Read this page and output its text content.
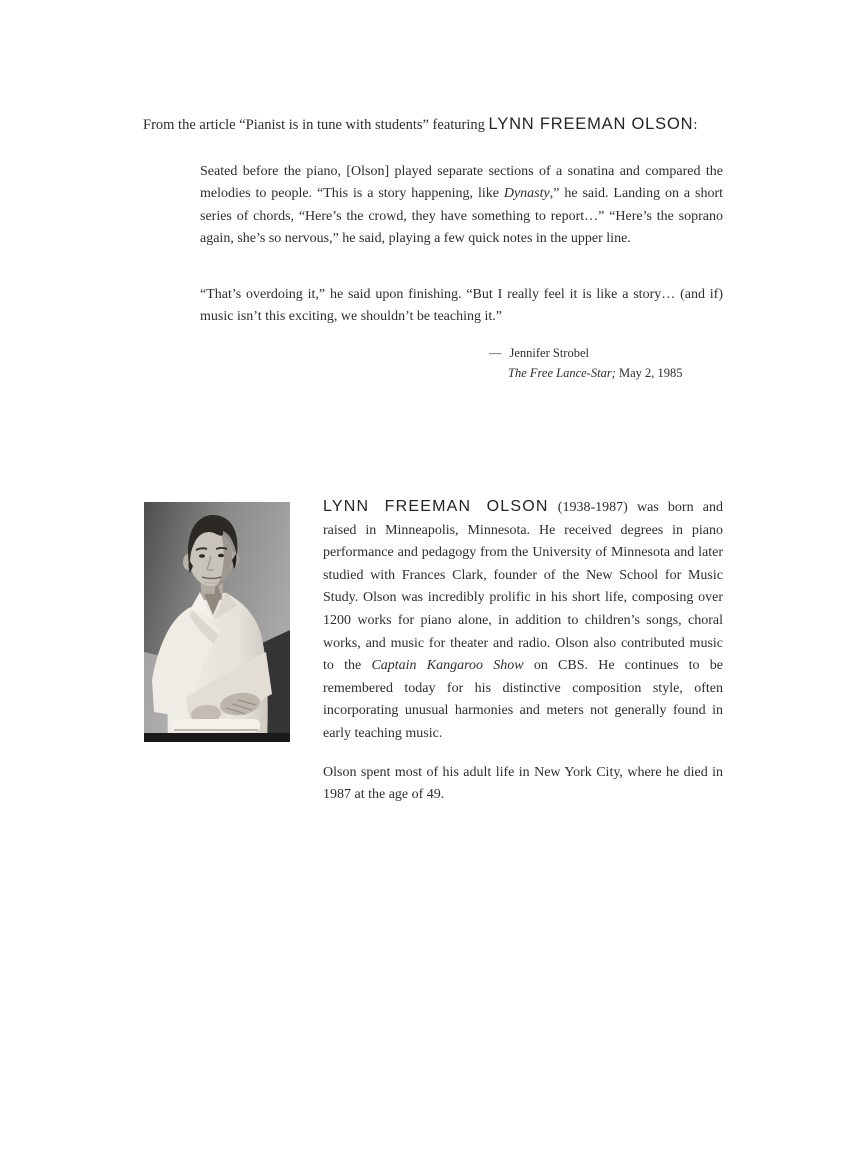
From the article “Pianist is in tune with students” featuring LYNN FREEMAN OLSON:

Seated before the piano, [Olson] played separate sections of a sonatina and compared the melodies to people. “This is a story happening, like Dynasty,” he said. Landing on a short series of chords, “Here’s the crowd, they have something to report…” “Here’s the soprano again, she’s so nervous,” he said, playing a few quick notes in the upper line.

“That’s overdoing it,” he said upon finishing. “But I really feel it is like a story… (and if) music isn’t this exciting, we shouldn’t be teaching it.”

— Jennifer Strobel
The Free Lance-Star; May 2, 1985

LYNN FREEMAN OLSON (1938-1987) was born and raised in Minneapolis, Minnesota. He received degrees in piano performance and pedagogy from the University of Minnesota and later studied with Frances Clark, founder of the New School for Music Study. Olson was incredibly prolific in his short life, composing over 1200 works for piano alone, in addition to children’s songs, choral works, and music for theater and radio. Olson also contributed music to the Captain Kangaroo Show on CBS. He continues to be remembered today for his distinctive composition style, often incorporating unusual harmonies and meters not generally found in early teaching music.

Olson spent most of his adult life in New York City, where he died in 1987 at the age of 49.
